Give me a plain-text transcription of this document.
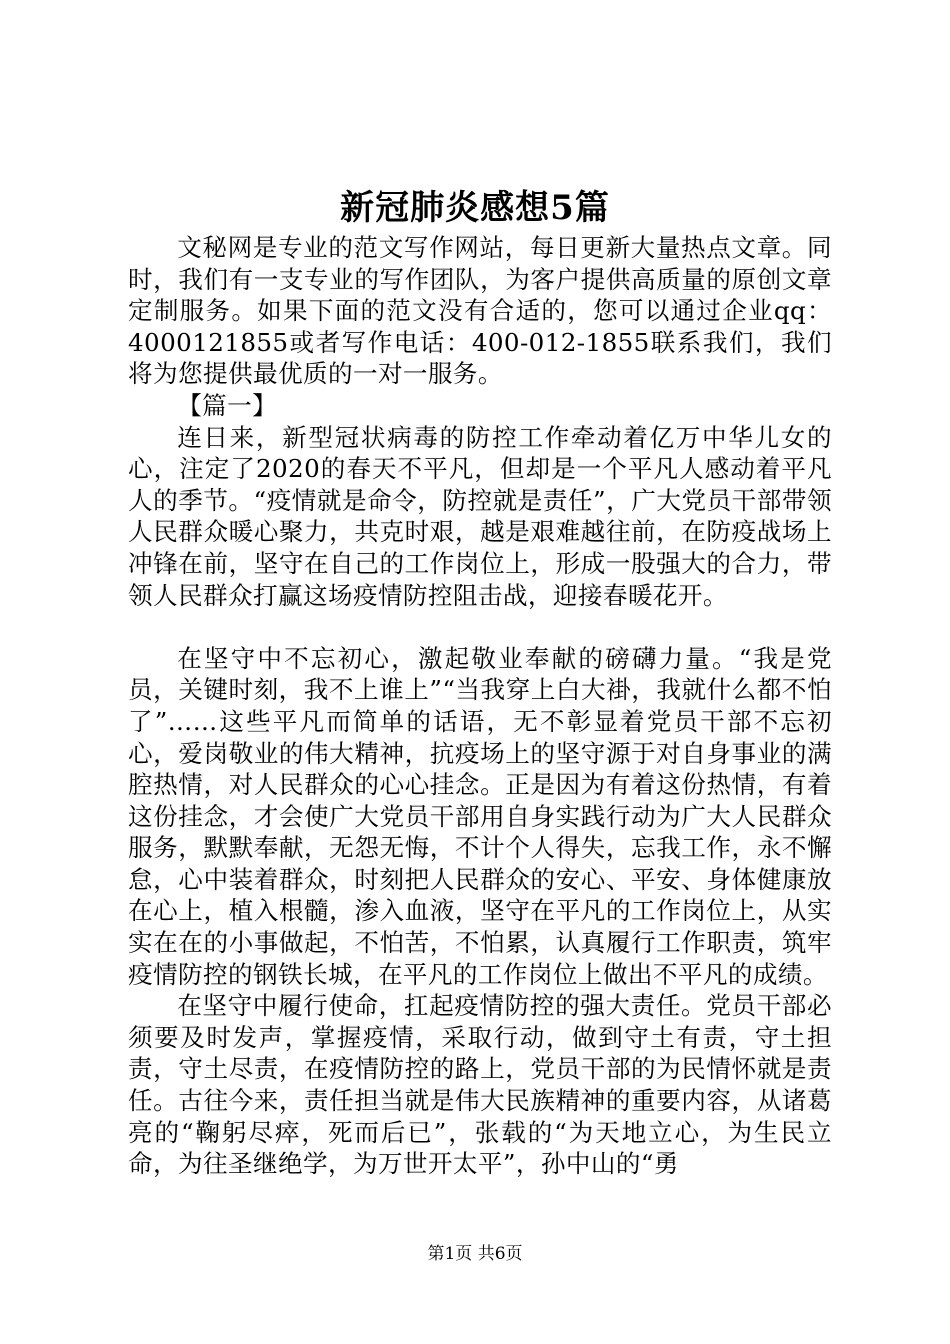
新冠肺炎感想5篇

文秘网是专业的范文写作网站，每日更新大量热点文章。同时，我们有一支专业的写作团队，为客户提供高质量的原创文章定制服务。如果下面的范文没有合适的，您可以通过企业qq：4000121855或者写作电话：400-012-1855联系我们，我们将为您提供最优质的一对一服务。

【篇一】

连日来，新型冠状病毒的防控工作牵动着亿万中华儿女的心，注定了2020的春天不平凡，但却是一个平凡人感动着平凡人的季节。“疫情就是命令，防控就是责任”，广大党员干部带领人民群众暖心聚力，共克时艰，越是艰难越往前，在防疫战场上冲锋在前，坚守在自己的工作岗位上，形成一股强大的合力，带领人民群众打赢这场疫情防控阻击战，迎接春暖花开。

在坚守中不忘初心，激起敬业奉献的磅礴力量。“我是党员，关键时刻，我不上谁上”“当我穿上白大褂，我就什么都不怕了”……这些平凡而简单的话语，无不彰显着党员干部不忘初心，爱岗敬业的伟大精神，抗疫场上的坚守源于对自身事业的满腔热情，对人民群众的心心挂念。正是因为有着这份热情，有着这份挂念，才会使广大党员干部用自身实践行动为广大人民群众服务，默默奉献，无怨无悔，不计个人得失，忘我工作，永不懈怠，心中装着群众，时刻把人民群众的安心、平安、身体健康放在心上，植入根髓，渗入血液，坚守在平凡的工作岗位上，从实实在在的小事做起，不怕苦，不怕累，认真履行工作职责，筑牢疫情防控的钢铁长城，在平凡的工作岗位上做出不平凡的成绩。

在坚守中履行使命，扛起疫情防控的强大责任。党员干部必须要及时发声，掌握疫情，采取行动，做到守土有责，守土担责，守土尽责，在疫情防控的路上，党员干部的为民情怀就是责任。古往今来，责任担当就是伟大民族精神的重要内容，从诸葛亮的“鞠躬尽瘁，死而后已”，张载的“为天地立心，为生民立命，为往圣继绝学，为万世开太平”，孙中山的“勇

第1页 共6页
